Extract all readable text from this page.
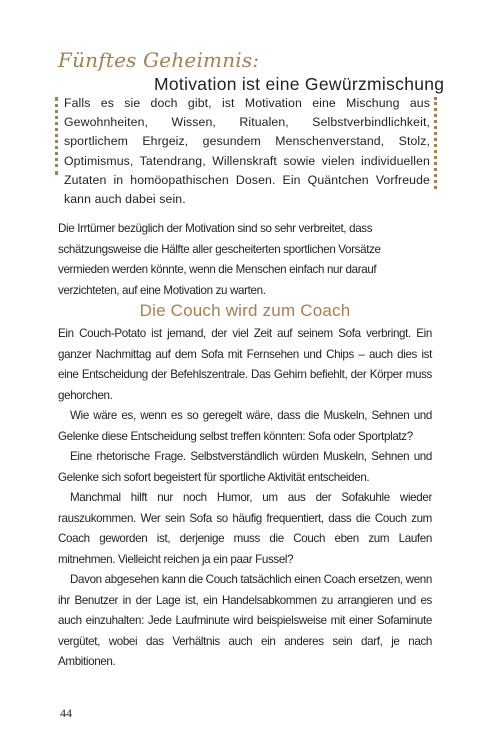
Fünftes Geheimnis:
Motivation ist eine Gewürzmischung

Falls es sie doch gibt, ist Motivation eine Mischung aus Gewohnheiten, Wissen, Ritualen, Selbstverbindlichkeit, sportlichem Ehrgeiz, gesundem Menschenverstand, Stolz, Optimismus, Tatendrang, Willenskraft sowie vielen individuellen Zutaten in homöopathischen Dosen. Ein Quäntchen Vorfreude kann auch dabei sein.

Die Irrtümer bezüglich der Motivation sind so sehr verbreitet, dass schätzungsweise die Hälfte aller gescheiterten sportlichen Vorsätze vermieden werden könnte, wenn die Menschen einfach nur darauf verzichteten, auf eine Motivation zu warten.

Die Couch wird zum Coach

Ein Couch-Potato ist jemand, der viel Zeit auf seinem Sofa verbringt. Ein ganzer Nachmittag auf dem Sofa mit Fernsehen und Chips – auch dies ist eine Entscheidung der Befehlszentrale. Das Gehirn befiehlt, der Körper muss gehorchen.

Wie wäre es, wenn es so geregelt wäre, dass die Muskeln, Sehnen und Gelenke diese Entscheidung selbst treffen könnten: Sofa oder Sportplatz?

Eine rhetorische Frage. Selbstverständlich würden Muskeln, Sehnen und Gelenke sich sofort begeistert für sportliche Aktivität entscheiden.

Manchmal hilft nur noch Humor, um aus der Sofakuhle wieder rauszukommen. Wer sein Sofa so häufig frequentiert, dass die Couch zum Coach geworden ist, derjenige muss die Couch eben zum Laufen mitnehmen. Vielleicht reichen ja ein paar Fussel?

Davon abgesehen kann die Couch tatsächlich einen Coach ersetzen, wenn ihr Benutzer in der Lage ist, ein Handelsabkommen zu arrangieren und es auch einzuhalten: Jede Laufminute wird beispielsweise mit einer Sofaminute vergütet, wobei das Verhältnis auch ein anderes sein darf, je nach Ambitionen.

44
